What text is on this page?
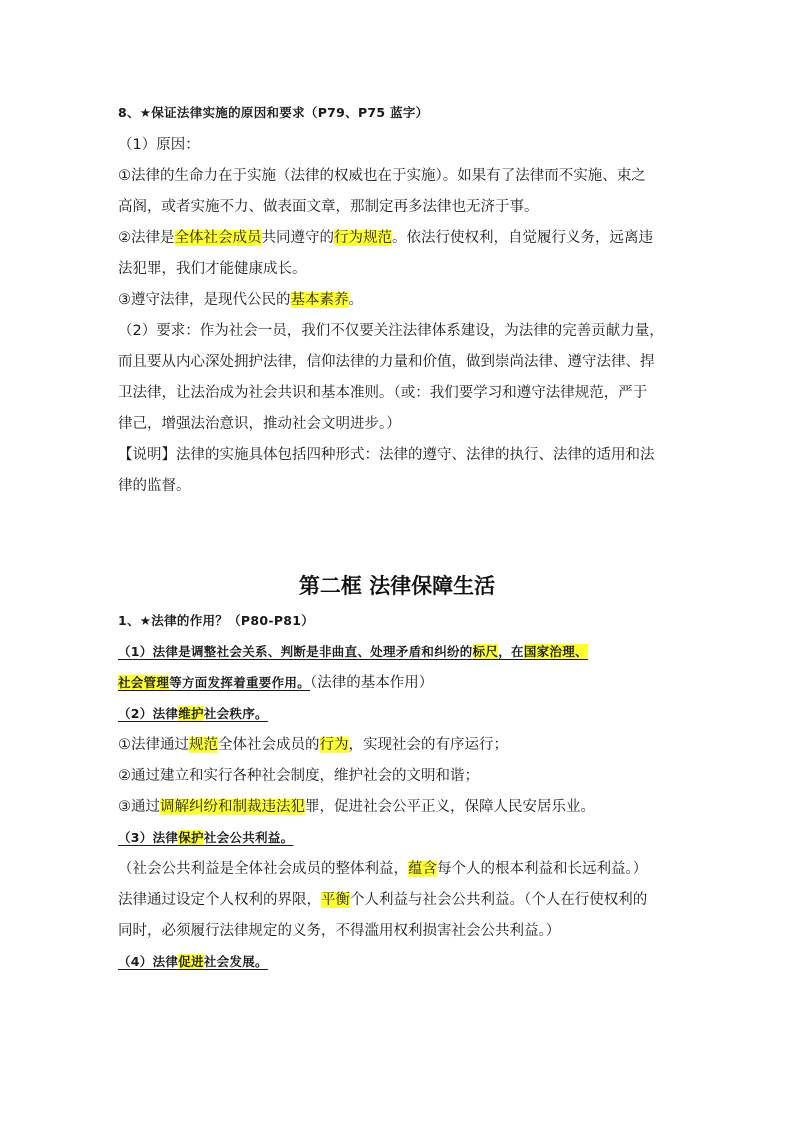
8、★保证法律实施的原因和要求（P79、P75 蓝字）
（1）原因：
①法律的生命力在于实施（法律的权威也在于实施）。如果有了法律而不实施、束之
高阁，或者实施不力、做表面文章，那制定再多法律也无济于事。
②法律是全体社会成员共同遵守的行为规范。依法行使权利，自觉履行义务，远离违
法犯罪，我们才能健康成长。
③遵守法律，是现代公民的基本素养。
（2）要求：作为社会一员，我们不仅要关注法律体系建设，为法律的完善贡献力量，
而且要从内心深处拥护法律，信仰法律的力量和价值，做到崇尚法律、遵守法律、捍
卫法律，让法治成为社会共识和基本准则。（或：我们要学习和遵守法律规范，严于
律己，增强法治意识，推动社会文明进步。）
【说明】法律的实施具体包括四种形式：法律的遵守、法律的执行、法律的适用和法
律的监督。
第二框 法律保障生活
1、★法律的作用？（P80-P81）
（1）法律是调整社会关系、判断是非曲直、处理矛盾和纠纷的标尺，在国家治理、
社会管理等方面发挥着重要作用。（法律的基本作用）
（2）法律维护社会秩序。
①法律通过规范全体社会成员的行为，实现社会的有序运行；
②通过建立和实行各种社会制度，维护社会的文明和谐；
③通过调解纠纷和制裁违法犯罪，促进社会公平正义，保障人民安居乐业。
（3）法律保护社会公共利益。
（社会公共利益是全体社会成员的整体利益，蕴含每个人的根本利益和长远利益。）
法律通过设定个人权利的界限，平衡个人利益与社会公共利益。（个人在行使权利的
同时，必须履行法律规定的义务，不得滥用权利损害社会公共利益。）
（4）法律促进社会发展。
